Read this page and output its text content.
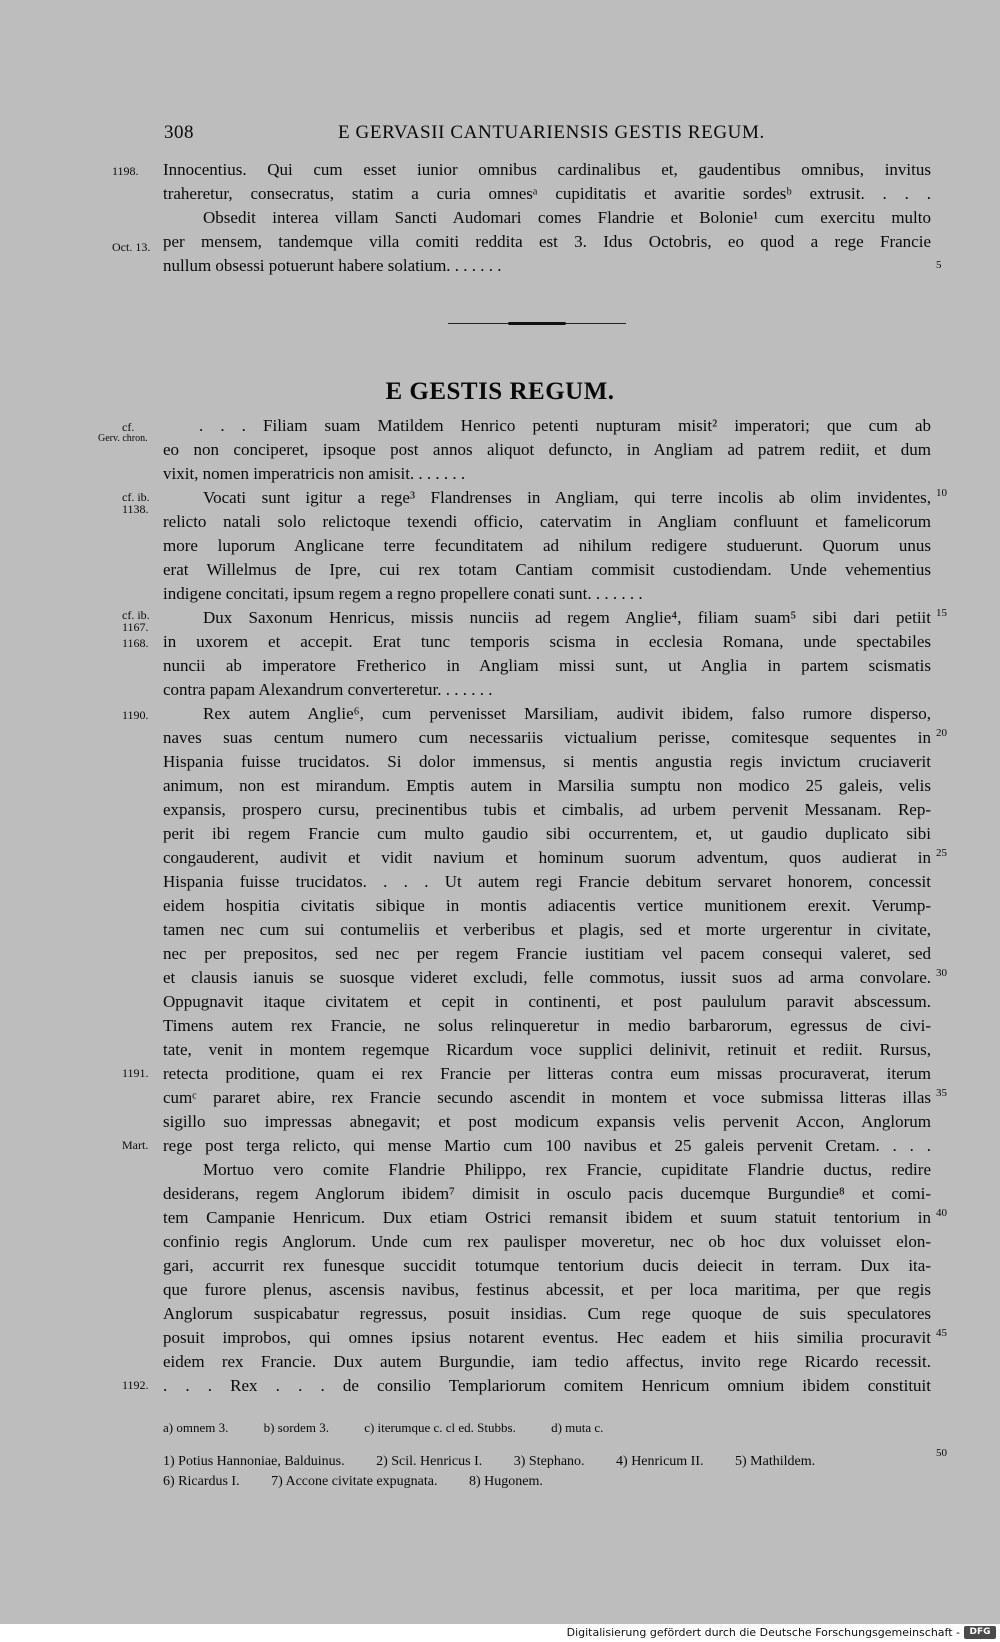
308	E GERVASII CANTUARIENSIS GESTIS REGUM.
Innocentius. Qui cum esset iunior omnibus cardinalibus et, gaudentibus omnibus, invitus
traheretur, consecratus, statim a curia omnesᵃ cupiditatis et avaritie sordesᵇ extrusit. . . .
Obsedit interea villam Sancti Audomari comes Flandrie et Bolonie¹ cum exercitu multo
per mensem, tandemque villa comiti reddita est 3. Idus Octobris, eo quod a rege Francie
nullum obsessi potuerunt habere solatium. . . . . . .
1198.
Oct. 13.
5
E GESTIS REGUM.
. . . Filiam suam Matildem Henrico petenti nupturam misit² imperatori; que cum ab
eo non conciperet, ipsoque post annos aliquot defuncto, in Angliam ad patrem rediit, et dum
vixit, nomen imperatricis non amisit. . . . . . .
Vocati sunt igitur a rege³ Flandrenses in Angliam, qui terre incolis ab olim invidentes,
relicto natali solo relictoque texendi officio, catervatim in Angliam confluunt et famelicorum
more luporum Anglicane terre fecunditatem ad nihilum redigere studuerunt. Quorum unus
erat Willelmus de Ipre, cui rex totam Cantiam commisit custodiendam. Unde vehementius
indigene concitati, ipsum regem a regno propellere conati sunt. . . . . . .
Dux Saxonum Henricus, missis nunciis ad regem Anglie⁴, filiam suam⁵ sibi dari petiit
in uxorem et accepit. Erat tunc temporis scisma in ecclesia Romana, unde spectabiles
nuncii ab imperatore Fretherico in Angliam missi sunt, ut Anglia in partem scismatis
contra papam Alexandrum converteretur. . . . . . .
Rex autem Anglie⁶, cum pervenisset Marsiliam, audivit ibidem, falso rumore disperso,
naves suas centum numero cum necessariis victualium perisse, comitesque sequentes in
Hispania fuisse trucidatos. Si dolor immensus, si mentis angustia regis invictum cruciaverit
animum, non est mirandum. Emptis autem in Marsilia sumptu non modico 25 galeis, velis
expansis, prospero cursu, precinentibus tubis et cimbalis, ad urbem pervenit Messanam. Rep-
perit ibi regem Francie cum multo gaudio sibi occurrentem, et, ut gaudio duplicato sibi
congauderent, audivit et vidit navium et hominum suorum adventum, quos audierat in
Hispania fuisse trucidatos. . . . Ut autem regi Francie debitum servaret honorem, concessit
eidem hospitia civitatis sibique in montis adiacentis vertice munitionem erexit. Verump-
tamen nec cum sui contumeliis et verberibus et plagis, sed et morte urgerentur in civitate,
nec per prepositos, sed nec per regem Francie iustitiam vel pacem consequi valeret, sed
et clausis ianuis se suosque videret excludi, felle commotus, iussit suos ad arma convolare.
Oppugnavit itaque civitatem et cepit in continenti, et post paululum paravit abscessum.
Timens autem rex Francie, ne solus relinqueretur in medio barbarorum, egressus de civi-
tate, venit in montem regemque Ricardum voce supplici delinivit, retinuit et rediit. Rursus,
retecta proditione, quam ei rex Francie per litteras contra eum missas procuraverat, iterum
cumᶜ pararet abire, rex Francie secundo ascendit in montem et voce submissa litteras illas
sigillo suo impressas abnegavit; et post modicum expansis velis pervenit Accon, Anglorum
rege post terga relicto, qui mense Martio cum 100 navibus et 25 galeis pervenit Cretam. . . .
Mortuo vero comite Flandrie Philippo, rex Francie, cupiditate Flandrie ductus, redire
desiderans, regem Anglorum ibidem⁷ dimisit in osculo pacis ducemque Burgundie⁸ et comi-
tem Campanie Henricum. Dux etiam Ostrici remansit ibidem et suum statuit tentorium in
confinio regis Anglorum. Unde cum rex paulisper moveretur, nec ob hoc dux voluisset elon-
gari, accurrit rex funesque succidit totumque tentorium ducis deiecit in terram. Dux ita-
que furore plenus, ascensis navibus, festinus abcessit, et per loca maritima, per que regis
Anglorum suspicabatur regressus, posuit insidias. Cum rege quoque de suis speculatores
posuit improbos, qui omnes ipsius notarent eventus. Hec eadem et hiis similia procuravit
eidem rex Francie. Dux autem Burgundie, iam tedio affectus, invito rege Ricardo recessit.
. . . Rex . . . de consilio Templariorum comitem Henricum omnium ibidem constituit
cf.
Gerv. chron.
cf. ib.
1138.
cf. ib.
1167.
1168.
1190.
1191.
Mart.
1192.
10
15
20
25
30
35
40
45
50
a) omnem 3.	b) sordem 3.	c) iterumque c. cl ed. Stubbs.	d) muta c.
1) Potius Hannoniae, Balduinus. 2) Scil. Henricus I. 3) Stephano. 4) Henricum II. 5) Mathildem.
6) Ricardus I. 7) Accone civitate expugnata. 8) Hugonem.
Digitalisierung gefördert durch die Deutsche Forschungsgemeinschaft -	DFG
